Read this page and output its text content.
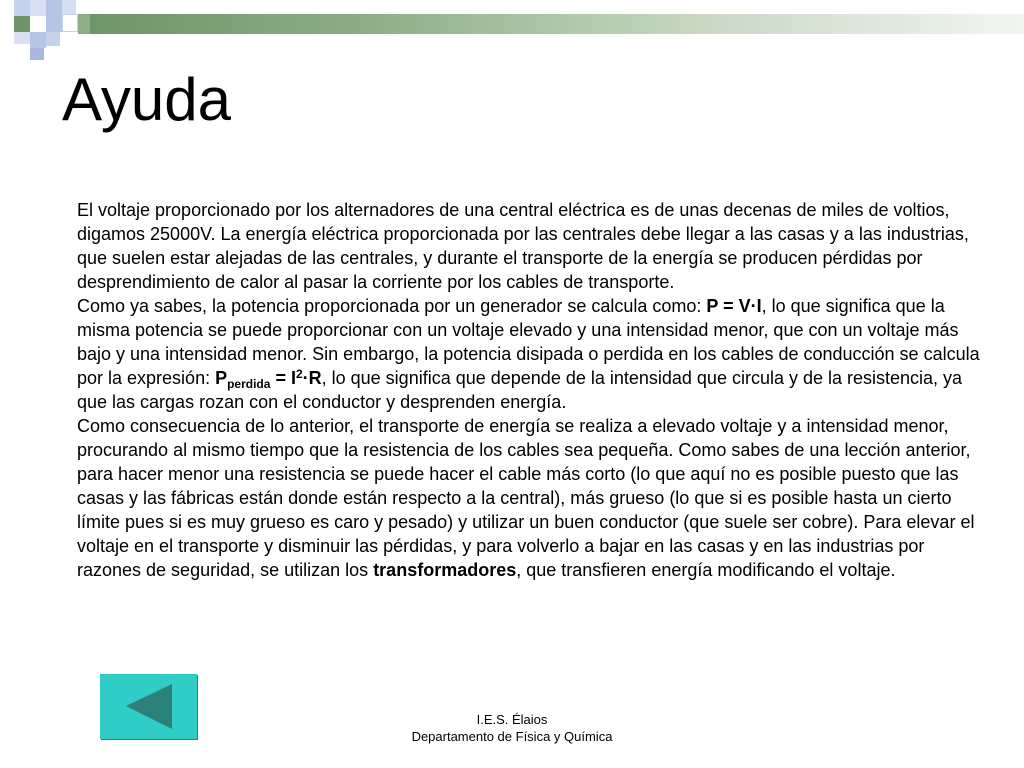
Ayuda

El voltaje proporcionado por los alternadores de una central eléctrica es de unas decenas de miles de voltios, digamos 25000V. La energía eléctrica proporcionada por las centrales debe llegar a las casas y a las industrias, que suelen estar alejadas de las centrales, y durante el transporte de la energía se producen pérdidas por desprendimiento de calor al pasar la corriente por los cables de transporte.
Como ya sabes, la potencia proporcionada por un generador se calcula como: P = V·I, lo que significa que la misma potencia se puede proporcionar con un voltaje elevado y una intensidad menor, que con un voltaje más bajo y una intensidad menor. Sin embargo, la potencia disipada o perdida en los cables de conducción se calcula por la expresión: $P_{perdida} = I^2\cdot R$, lo que significa que depende de la intensidad que circula y de la resistencia, ya que las cargas rozan con el conductor y desprenden energía.

Como consecuencia de lo anterior, el transporte de energía se realiza a elevado voltaje y a intensidad menor, procurando al mismo tiempo que la resistencia de los cables sea pequeña. Como sabes de una lección anterior, para hacer menor una resistencia se puede hacer el cable más corto (lo que aquí no es posible puesto que las casas y las fábricas están donde están respecto a la central), más grueso (lo que si es posible hasta un cierto límite pues si es muy grueso es caro y pesado) y utilizar un buen conductor (que suele ser cobre). Para elevar el voltaje en el transporte y disminuir las pérdidas, y para volverlo a bajar en las casas y en las industrias por razones de seguridad, se utilizan los transformadores, que transfieren energía modificando el voltaje.

I.E.S. Élaios
Departamento de Física y Química
